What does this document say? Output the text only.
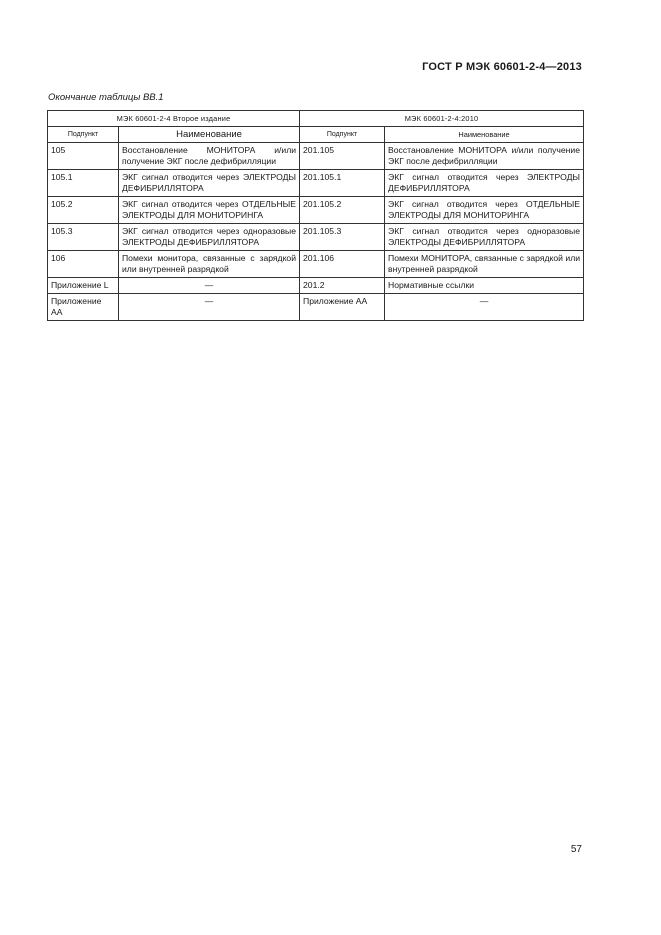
ГОСТ Р МЭК 60601-2-4—2013
Окончание таблицы ВВ.1
МЭК 60601-2-4 Второе издание		МЭК 60601-2-4:2010	
Подпункт	Наименование	Подпункт	Наименование
105	Восстановление МОНИТОРА и/или получение ЭКГ после дефибрилляции	201.105	Восстановление МОНИТОРА и/или получение ЭКГ после дефибрилляции
105.1	ЭКГ сигнал отводится через ЭЛЕКТРОДЫ ДЕФИБРИЛЛЯТОРА	201.105.1	ЭКГ сигнал отводится через ЭЛЕКТРОДЫ ДЕФИБРИЛЛЯТОРА
105.2	ЭКГ сигнал отводится через ОТДЕЛЬНЫЕ ЭЛЕКТРОДЫ ДЛЯ МОНИТОРИНГА	201.105.2	ЭКГ сигнал отводится через ОТДЕЛЬНЫЕ ЭЛЕКТРОДЫ ДЛЯ МОНИТОРИНГА
105.3	ЭКГ сигнал отводится через одноразовые ЭЛЕКТРОДЫ ДЕФИБРИЛЛЯТОРА	201.105.3	ЭКГ сигнал отводится через одноразовые ЭЛЕКТРОДЫ ДЕФИБРИЛЛЯТОРА
106	Помехи монитора, связанные с зарядкой или внутренней разрядкой	201.106	Помехи МОНИТОРА, связанные с зарядкой или внутренней разрядкой
Приложение L	—	201.2	Нормативные ссылки
Приложение AA	—	Приложение АА	—
57
